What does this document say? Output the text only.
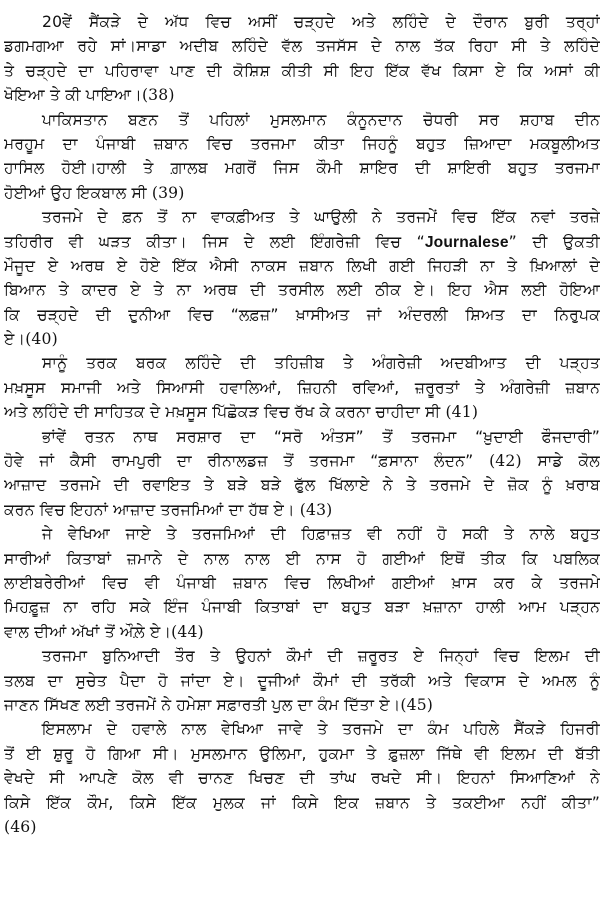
20ਵੇਂ ਸੈਂਕੜੇ ਦੇ ਅੱਧ ਵਿਚ ਅਸੀਂ ਚੜ੍ਹਦੇ ਅਤੇ ਲਹਿੰਦੇ ਦੇ ਦੌਰਾਨ ਬੁਰੀ ਤਰ੍ਹਾਂ
ਡਗਮਗਆ ਰਹੇ ਸਾਂ।ਸਾਡਾ ਅਦੀਬ ਲਹਿੰਦੇ ਵੱਲ ਤਜਸੱਸ ਦੇ ਨਾਲ ਤੱਕ ਰਿਹਾ ਸੀ ਤੇ ਲਹਿੰਦੇ
ਤੇ ਚੜ੍ਹਦੇ ਦਾ ਪਹਿਰਾਵਾ ਪਾਣ ਦੀ ਕੋਸ਼ਿਸ਼ ਕੀਤੀ ਸੀ ਇਹ ਇੱਕ ਵੱਖ ਕਿਸਾ ਏ ਕਿ ਅਸਾਂ ਕੀ
ਖੋਇਆ ਤੇ ਕੀ ਪਾਇਆ।(38)
ਪਾਕਿਸਤਾਨ ਬਣਨ ਤੋਂ ਪਹਿਲਾਂ ਮੁਸਲਮਾਨ ਕੰਨੂਨਦਾਨ ਚੋਧਰੀ ਸਰ ਸ਼ਹਾਬ ਦੀਨ
ਮਰਹੂਮ ਦਾ ਪੰਜਾਬੀ ਜ਼ਬਾਨ ਵਿਚ ਤਰਜਮਾ ਕੀਤਾ ਜਿਹਨੂੰ ਬਹੁਤ ਜ਼ਿਆਦਾ ਮਕਬੂਲੀਅਤ
ਹਾਸਿਲ ਹੋਈ।ਹਾਲੀ ਤੇ ਗ਼ਾਲਬ ਮਗਰੋਂ ਜਿਸ ਕੌਮੀ ਸ਼ਾਇਰ ਦੀ ਸ਼ਾਇਰੀ ਬਹੁਤ ਤਰਜਮਾ
ਹੋਈਆਂ ਉਹ ਇਕਬਾਲ ਸੀ (39)
ਤਰਜਮੇ ਦੇ ਫ਼ਨ ਤੋਂ ਨਾ ਵਾਕਫ਼ੀਅਤ ਤੇ ਘਾਉਲੀ ਨੇ ਤਰਜਮੇਂ ਵਿਚ ਇੱਕ ਨਵਾਂ ਤਰਜ਼ੇ
ਤਹਿਰੀਰ ਵੀ ਘੜਤ ਕੀਤਾ। ਜਿਸ ਦੇ ਲਈ ਇੰਗਰੇਜ਼ੀ ਵਿਚ “Journalese” ਦੀ ਉਕਤੀ
ਮੌਜੂਦ ਏ ਅਰਥ ਏ ਹੋਏ ਇੱਕ ਐਸੀ ਨਾਕਸ ਜ਼ਬਾਨ ਲਿਖੀ ਗਈ ਜਿਹੜੀ ਨਾ ਤੇ ਖ਼ਿਆਲਾਂ ਦੇ
ਬਿਆਨ ਤੇ ਕਾਦਰ ਏ ਤੇ ਨਾ ਅਰਥ ਦੀ ਤਰਸੀਲ ਲਈ ਠੀਕ ਏ। ਇਹ ਐਸ ਲਈ ਹੋਇਆ
ਕਿ ਚੜ੍ਹਦੇ ਦੀ ਦੁਨੀਆ ਵਿਚ “ਲਫ਼ਜ਼” ਖ਼ਾਸੀਅਤ ਜਾਂ ਅੰਦਰਲੀ ਸ਼ਿਅਤ ਦਾ ਨਿਰੁਪਕ
ਏ।(40)
ਸਾਨੂੰ ਤਰਕ ਬਰਕ ਲਹਿੰਦੇ ਦੀ ਤਹਿਜ਼ੀਬ ਤੇ ਅੰਗਰੇਜ਼ੀ ਅਦਬੀਆਤ ਦੀ ਪੜ੍ਹਤ
ਮਖ਼ਸੂਸ ਸਮਾਜੀ ਅਤੇ ਸਿਆਸੀ ਹਵਾਲਿਆਂ, ਜ਼ਿਹਨੀ ਰਵਿਆਂ, ਜ਼ਰੂਰਤਾਂ ਤੇ ਅੰਗਰੇਜ਼ੀ ਜ਼ਬਾਨ
ਅਤੇ ਲਹਿੰਦੇ ਦੀ ਸਾਹਿਤਕ ਦੇ ਮਖ਼ਸੂਸ ਪਿੱਛੋਕੜ ਵਿਚ ਰੱਖ ਕੇ ਕਰਨਾ ਚਾਹੀਦਾ ਸੀ (41)
ਭਾਂਵੇਂ ਰਤਨ ਨਾਥ ਸਰਸ਼ਾਰ ਦਾ “ਸਰੋ ਅੰਤਸ” ਤੋਂ ਤਰਜਮਾ “ਖ਼ੁਦਾਈ ਫੌਜਦਾਰੀ”
ਹੋਵੇ ਜਾਂ ਕੈਸੀ ਰਾਮਪੁਰੀ ਦਾ ਰੀਨਾਲਡਜ਼ ਤੋਂ ਤਰਜਮਾ “ਫ਼ਸਾਨਾ ਲੰਦਨ” (42) ਸਾਡੇ ਕੋਲ
ਆਜ਼ਾਦ ਤਰਜਮੇ ਦੀ ਰਵਾਇਤ ਤੇ ਬੜੇ ਬੜੇ ਫੁੱਲ ਖਿੱਲਾਏ ਨੇ ਤੇ ਤਰਜਮੇ ਦੇ ਜ਼ੋਕ ਨੂੰ ਖ਼ਰਾਬ
ਕਰਨ ਵਿਚ ਇਹਨਾਂ ਆਜ਼ਾਦ ਤਰਜਮਿਆਂ ਦਾ ਹੱਥ ਏ। (43)
ਜੇ ਵੇਖਿਆ ਜਾਏ ਤੇ ਤਰਜਮਿਆਂ ਦੀ ਹਿਫ਼ਾਜ਼ਤ ਵੀ ਨਹੀਂ ਹੋ ਸਕੀ ਤੇ ਨਾਲੇ ਬਹੁਤ
ਸਾਰੀਆਂ ਕਿਤਾਬਾਂ ਜ਼ਮਾਨੇ ਦੇ ਨਾਲ ਨਾਲ ਈ ਨਾਸ ਹੋ ਗਈਆਂ ਇਥੋਂ ਤੀਕ ਕਿ ਪਬਲਿਕ
ਲਾਈਬਰੇਰੀਆਂ ਵਿਚ ਵੀ ਪੰਜਾਬੀ ਜ਼ਬਾਨ ਵਿਚ ਲਿਖੀਆਂ ਗਈਆਂ ਖ਼ਾਸ ਕਰ ਕੇ ਤਰਜਮੇ
ਮਿਹਫ਼ੂਜ਼ ਨਾ ਰਹਿ ਸਕੇ ਇੰਜ ਪੰਜਾਬੀ ਕਿਤਾਬਾਂ ਦਾ ਬਹੁਤ ਬੜਾ ਖ਼ਜ਼ਾਨਾ ਹਾਲੀ ਆਮ ਪੜ੍ਹਨ
ਵਾਲ ਦੀਆਂ ਅੱਖਾਂ ਤੋਂ ਔਲ਼ੇ ਏ।(44)
ਤਰਜਮਾ ਬੁਨਿਆਦੀ ਤੌਰ ਤੇ ਉਹਨਾਂ ਕੌਮਾਂ ਦੀ ਜ਼ਰੂਰਤ ਏ ਜਿਨ੍ਹਾਂ ਵਿਚ ਇਲਮ ਦੀ
ਤਲਬ ਦਾ ਸੁਚੇਤ ਪੈਦਾ ਹੋ ਜਾਂਦਾ ਏ। ਦੂਜੀਆਂ ਕੌਮਾਂ ਦੀ ਤਰੱਕੀ ਅਤੇ ਵਿਕਾਸ ਦੇ ਅਮਲ ਨੂੰ
ਜਾਣਨ ਸਿੱਖਣ ਲਈ ਤਰਜਮੇਂ ਨੇ ਹਮੇਸ਼ਾ ਸਫ਼ਾਰਤੀ ਪੁਲ ਦਾ ਕੰਮ ਦਿੱਤਾ ਏ।(45)
ਇਸਲਾਮ ਦੇ ਹਵਾਲੇ ਨਾਲ ਵੇਖਿਆ ਜਾਵੇ ਤੇ ਤਰਜਮੇ ਦਾ ਕੰਮ ਪਹਿਲੇ ਸੈਂਕੜੇ ਹਿਜਰੀ
ਤੋਂ ਈ ਸ਼ੁਰੂ ਹੋ ਗਿਆ ਸੀ। ਮੁਸਲਮਾਨ ਉਲਿਮਾ, ਹੁਕਮਾ ਤੇ ਫ਼ੁਜ਼ਲਾ ਜਿੱਥੇ ਵੀ ਇਲਮ ਦੀ ਬੱਤੀ
ਵੇਖਦੇ ਸੀ ਆਪਣੇ ਕੋਲ ਵੀ ਚਾਨਣ ਖਿਚਣ ਦੀ ਤਾਂਘ ਰਖਦੇ ਸੀ। ਇਹਨਾਂ ਸਿਆਣਿਆਂ ਨੇ
ਕਿਸੇ ਇੱਕ ਕੌਮ, ਕਿਸੇ ਇੱਕ ਮੁਲਕ ਜਾਂ ਕਿਸੇ ਇਕ ਜ਼ਬਾਨ ਤੇ ਤਕਈਆ ਨਹੀਂ ਕੀਤਾ”
(46)
